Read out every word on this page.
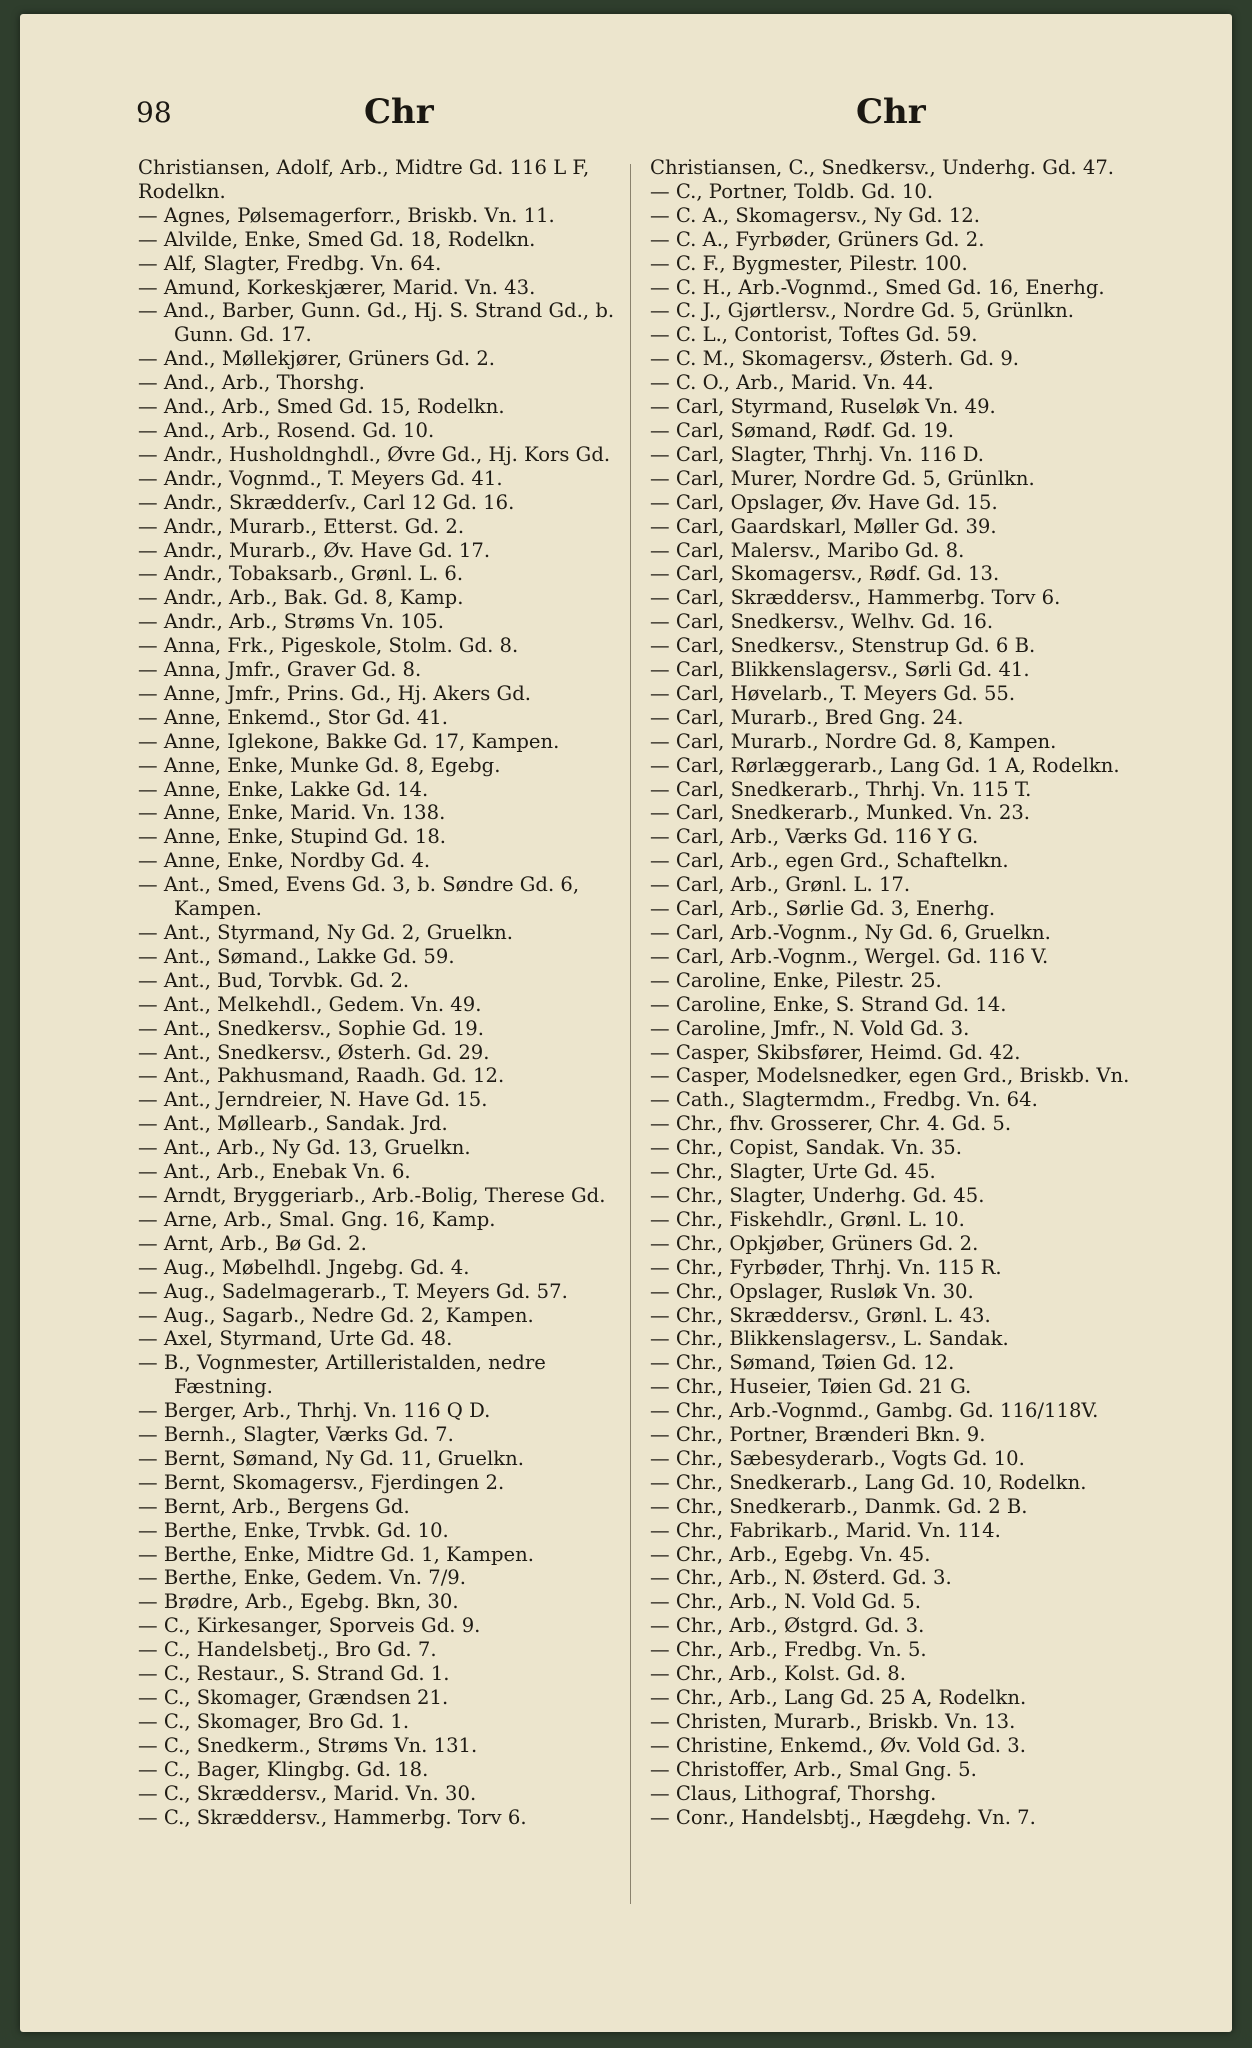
98	Chr	Chr
Christiansen, Adolf, Arb., Midtre Gd. 116 L F, Rodelkn.
— Agnes, Pølsemagerforr., Briskb. Vn. 11.
— Alvilde, Enke, Smed Gd. 18, Rodelkn.
— Alf, Slagter, Fredbg. Vn. 64.
— Amund, Korkeskjærer, Marid. Vn. 43.
— And., Barber, Gunn. Gd., Hj. S. Strand Gd., b. Gunn. Gd. 17.
— And., Møllekjører, Grüners Gd. 2.
— And., Arb., Thorshg.
— And., Arb., Smed Gd. 15, Rodelkn.
— And., Arb., Rosend. Gd. 10.
— Andr., Husholdnghdl., Øvre Gd., Hj. Kors Gd.
— Andr., Vognmd., T. Meyers Gd. 41.
— Andr., Skrædderſv., Carl 12 Gd. 16.
— Andr., Murarb., Etterst. Gd. 2.
— Andr., Murarb., Øv. Have Gd. 17.
— Andr., Tobaksarb., Grønl. L. 6.
— Andr., Arb., Bak. Gd. 8, Kamp.
— Andr., Arb., Strøms Vn. 105.
— Anna, Frk., Pigeskole, Stolm. Gd. 8.
— Anna, Jmfr., Graver Gd. 8.
— Anne, Jmfr., Prins. Gd., Hj. Akers Gd.
— Anne, Enkemd., Stor Gd. 41.
— Anne, Iglekone, Bakke Gd. 17, Kampen.
— Anne, Enke, Munke Gd. 8, Egebg.
— Anne, Enke, Lakke Gd. 14.
— Anne, Enke, Marid. Vn. 138.
— Anne, Enke, Stupind Gd. 18.
— Anne, Enke, Nordby Gd. 4.
— Ant., Smed, Evens Gd. 3, b. Søndre Gd. 6, Kampen.
— Ant., Styrmand, Ny Gd. 2, Gruelkn.
— Ant., Sømand., Lakke Gd. 59.
— Ant., Bud, Torvbk. Gd. 2.
— Ant., Melkehdl., Gedem. Vn. 49.
— Ant., Snedkersv., Sophie Gd. 19.
— Ant., Snedkersv., Østerh. Gd. 29.
— Ant., Pakhusmand, Raadh. Gd. 12.
— Ant., Jerndreier, N. Have Gd. 15.
— Ant., Møllearb., Sandak. Jrd.
— Ant., Arb., Ny Gd. 13, Gruelkn.
— Ant., Arb., Enebak Vn. 6.
— Arndt, Bryggeriarb., Arb.-Bolig, Therese Gd.
— Arne, Arb., Smal. Gng. 16, Kamp.
— Arnt, Arb., Bø Gd. 2.
— Aug., Møbelhdl. Jngebg. Gd. 4.
— Aug., Sadelmagerarb., T. Meyers Gd. 57.
— Aug., Sagarb., Nedre Gd. 2, Kampen.
— Axel, Styrmand, Urte Gd. 48.
— B., Vognmester, Artilleristalden, nedre Fæstning.
— Berger, Arb., Thrhj. Vn. 116 Q D.
— Bernh., Slagter, Værks Gd. 7.
— Bernt, Sømand, Ny Gd. 11, Gruelkn.
— Bernt, Skomagersv., Fjerdingen 2.
— Bernt, Arb., Bergens Gd.
— Berthe, Enke, Trvbk. Gd. 10.
— Berthe, Enke, Midtre Gd. 1, Kampen.
— Berthe, Enke, Gedem. Vn. 7/9.
— Brødre, Arb., Egebg. Bkn, 30.
— C., Kirkesanger, Sporveis Gd. 9.
— C., Handelsbetj., Bro Gd. 7.
— C., Restaur., S. Strand Gd. 1.
— C., Skomager, Grændsen 21.
— C., Skomager, Bro Gd. 1.
— C., Snedkerm., Strøms Vn. 131.
— C., Bager, Klingbg. Gd. 18.
— C., Skræddersv., Marid. Vn. 30.
— C., Skræddersv., Hammerbg. Torv 6.
Christiansen, C., Snedkersv., Underhg. Gd. 47.
— C., Portner, Toldb. Gd. 10.
— C. A., Skomagersv., Ny Gd. 12.
— C. A., Fyrbøder, Grüners Gd. 2.
— C. F., Bygmester, Pilestr. 100.
— C. H., Arb.-Vognmd., Smed Gd. 16, Enerhg.
— C. J., Gjørtlersv., Nordre Gd. 5, Grünlkn.
— C. L., Contorist, Toftes Gd. 59.
— C. M., Skomagersv., Østerh. Gd. 9.
— C. O., Arb., Marid. Vn. 44.
— Carl, Styrmand, Ruseløk Vn. 49.
— Carl, Sømand, Rødf. Gd. 19.
— Carl, Slagter, Thrhj. Vn. 116 D.
— Carl, Murer, Nordre Gd. 5, Grünlkn.
— Carl, Opslager, Øv. Have Gd. 15.
— Carl, Gaardskarl, Møller Gd. 39.
— Carl, Malersv., Maribo Gd. 8.
— Carl, Skomagersv., Rødf. Gd. 13.
— Carl, Skræddersv., Hammerbg. Torv 6.
— Carl, Snedkersv., Welhv. Gd. 16.
— Carl, Snedkersv., Stenstrup Gd. 6 B.
— Carl, Blikkenslagersv., Sørli Gd. 41.
— Carl, Høvelarb., T. Meyers Gd. 55.
— Carl, Murarb., Bred Gng. 24.
— Carl, Murarb., Nordre Gd. 8, Kampen.
— Carl, Rørlæggerarb., Lang Gd. 1 A, Rodelkn.
— Carl, Snedkerarb., Thrhj. Vn. 115 T.
— Carl, Snedkerarb., Munked. Vn. 23.
— Carl, Arb., Værks Gd. 116 Y G.
— Carl, Arb., egen Grd., Schaftelkn.
— Carl, Arb., Grønl. L. 17.
— Carl, Arb., Sørlie Gd. 3, Enerhg.
— Carl, Arb.-Vognm., Ny Gd. 6, Gruelkn.
— Carl, Arb.-Vognm., Wergel. Gd. 116 V.
— Caroline, Enke, Pilestr. 25.
— Caroline, Enke, S. Strand Gd. 14.
— Caroline, Jmfr., N. Vold Gd. 3.
— Casper, Skibsfører, Heimd. Gd. 42.
— Casper, Modelsnedker, egen Grd., Briskb. Vn.
— Cath., Slagtermdm., Fredbg. Vn. 64.
— Chr., fhv. Grosserer, Chr. 4. Gd. 5.
— Chr., Copist, Sandak. Vn. 35.
— Chr., Slagter, Urte Gd. 45.
— Chr., Slagter, Underhg. Gd. 45.
— Chr., Fiskehdlr., Grønl. L. 10.
— Chr., Opkjøber, Grüners Gd. 2.
— Chr., Fyrbøder, Thrhj. Vn. 115 R.
— Chr., Opslager, Rusløk Vn. 30.
— Chr., Skræddersv., Grønl. L. 43.
— Chr., Blikkenslagersv., L. Sandak.
— Chr., Sømand, Tøien Gd. 12.
— Chr., Huseier, Tøien Gd. 21 G.
— Chr., Arb.-Vognmd., Gambg. Gd. 116/118V.
— Chr., Portner, Brænderi Bkn. 9.
— Chr., Sæbesyderarb., Vogts Gd. 10.
— Chr., Snedkerarb., Lang Gd. 10, Rodelkn.
— Chr., Snedkerarb., Danmk. Gd. 2 B.
— Chr., Fabrikarb., Marid. Vn. 114.
— Chr., Arb., Egebg. Vn. 45.
— Chr., Arb., N. Østerd. Gd. 3.
— Chr., Arb., N. Vold Gd. 5.
— Chr., Arb., Østgrd. Gd. 3.
— Chr., Arb., Fredbg. Vn. 5.
— Chr., Arb., Kolst. Gd. 8.
— Chr., Arb., Lang Gd. 25 A, Rodelkn.
— Christen, Murarb., Briskb. Vn. 13.
— Christine, Enkemd., Øv. Vold Gd. 3.
— Christoffer, Arb., Smal Gng. 5.
— Claus, Lithograf, Thorshg.
— Conr., Handelsbtj., Hægdehg. Vn. 7.
